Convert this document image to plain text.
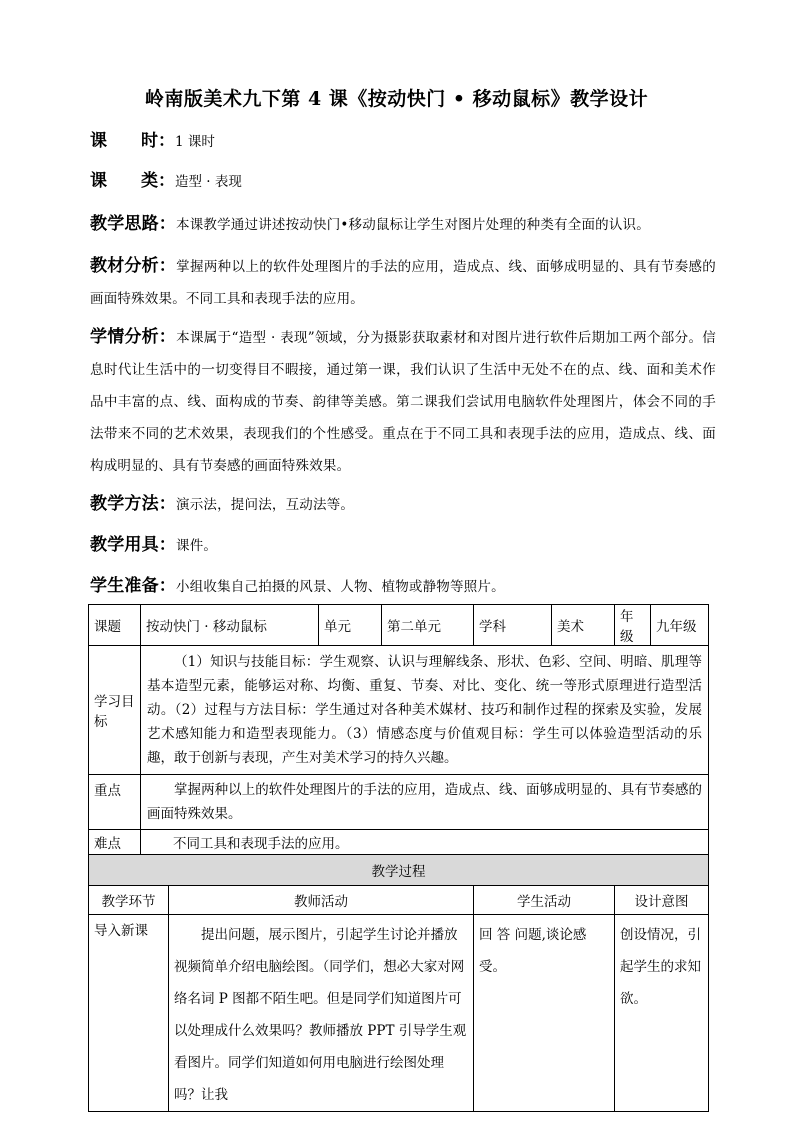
岭南版美术九下第 4 课《按动快门 • 移动鼠标》教学设计
课　　时：1 课时
课　　类：造型 · 表现
教学思路：本课教学通过讲述按动快门•移动鼠标让学生对图片处理的种类有全面的认识。
教材分析：掌握两种以上的软件处理图片的手法的应用，造成点、线、面够成明显的、具有节奏感的画面特殊效果。不同工具和表现手法的应用。
学情分析：本课属于“造型 · 表现”领域，分为摄影获取素材和对图片进行软件后期加工两个部分。信息时代让生活中的一切变得目不暇接，通过第一课，我们认识了生活中无处不在的点、线、面和美术作品中丰富的点、线、面构成的节奏、韵律等美感。第二课我们尝试用电脑软件处理图片，体会不同的手法带来不同的艺术效果，表现我们的个性感受。重点在于不同工具和表现手法的应用，造成点、线、面构成明显的、具有节奏感的画面特殊效果。
教学方法：演示法，提问法，互动法等。
教学用具：课件。
学生准备：小组收集自己拍摄的风景、人物、植物或静物等照片。
课题	按动快门 · 移动鼠标		单元	第二单元	学科	美术	年级	九年级
学习目标	（1）知识与技能目标：学生观察、认识与理解线条、形状、色彩、空间、明暗、肌理等基本造型元素，能够运对称、均衡、重复、节奏、对比、变化、统一等形式原理进行造型活动。（2）过程与方法目标：学生通过对各种美术媒材、技巧和制作过程的探索及实验，发展艺术感知能力和造型表现能力。（3）情感态度与价值观目标：学生可以体验造型活动的乐趣，敢于创新与表现，产生对美术学习的持久兴趣。							
重点	掌握两种以上的软件处理图片的手法的应用，造成点、线、面够成明显的、具有节奏感的画面特殊效果。							
难点	不同工具和表现手法的应用。							
教学过程								
教学环节		教师活动			学生活动		设计意图	
导入新课		提出问题，展示图片，引起学生讨论并播放视频简单介绍电脑绘图。（同学们，想必大家对网络名词 P 图都不陌生吧。但是同学们知道图片可以处理成什么效果吗？教师播放 PPT 引导学生观看图片。同学们知道如何用电脑进行绘图处理吗？让我			回 答 问题,谈论感受。		创设情况，引起学生的求知欲。	
